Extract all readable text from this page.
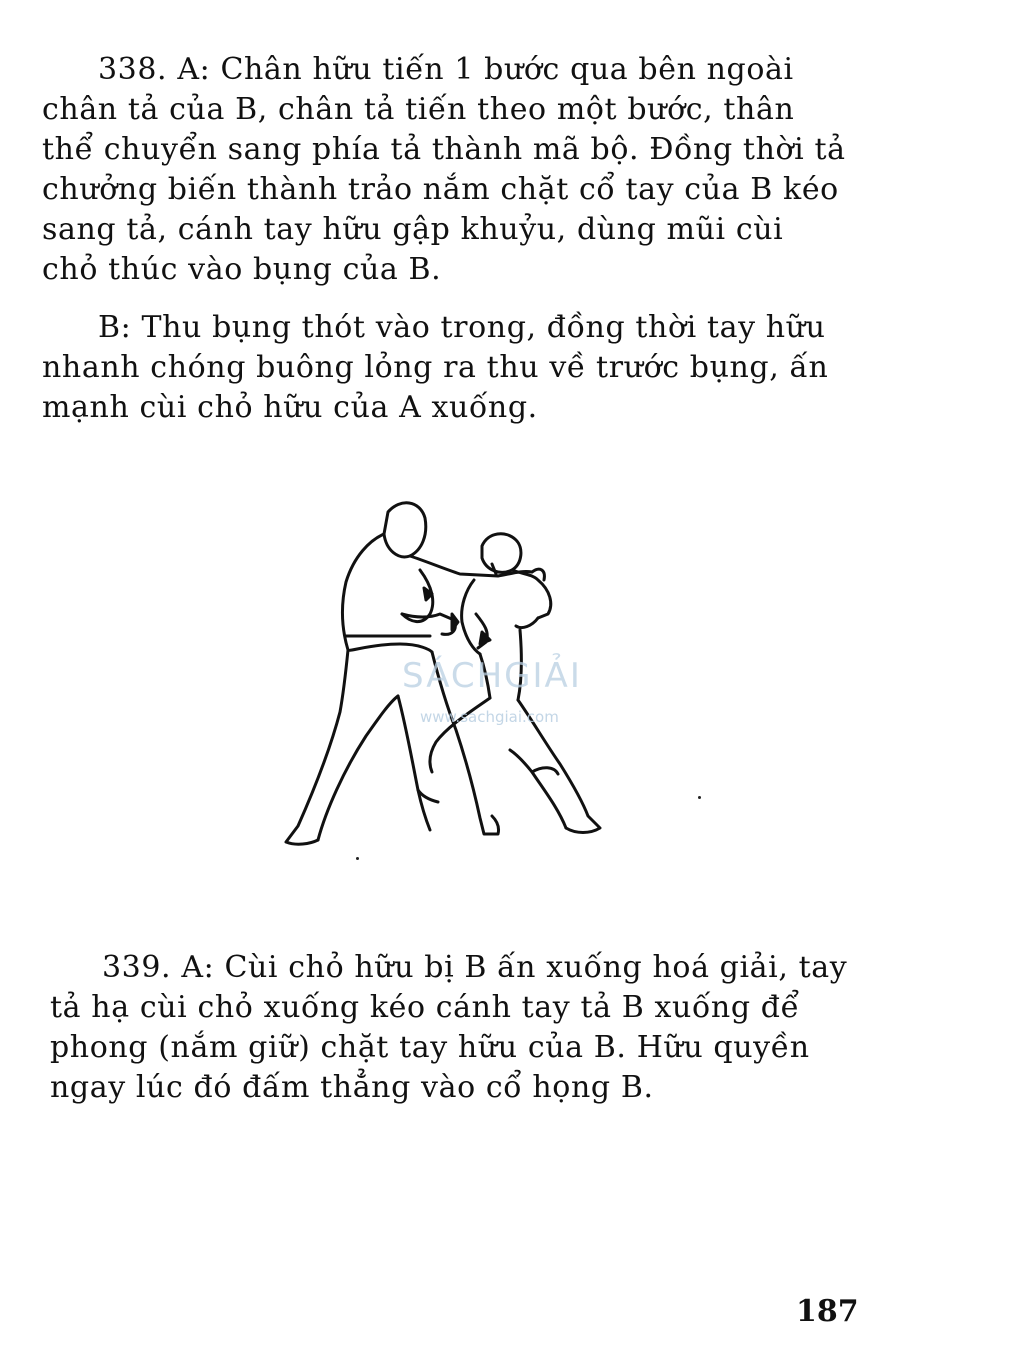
338. A: Chân hữu tiến 1 bước qua bên ngoài
chân tả của B, chân tả tiến theo một bước, thân
thể chuyển sang phía tả thành mã bộ. Đồng thời tả
chưởng biến thành trảo nắm chặt cổ tay của B kéo
sang tả, cánh tay hữu gập khuỷu, dùng mũi cùi
chỏ thúc vào bụng của B.
B: Thu bụng thót vào trong, đồng thời tay hữu
nhanh chóng buông lỏng ra thu về trước bụng, ấn
mạnh cùi chỏ hữu của A xuống.
SÁCHGIẢI
www.sachgiai.com
339. A: Cùi chỏ hữu bị B ấn xuống hoá giải, tay
tả hạ cùi chỏ xuống kéo cánh tay tả B xuống để
phong (nắm giữ) chặt tay hữu của B. Hữu quyền
ngay lúc đó đấm thẳng vào cổ họng B.
187
